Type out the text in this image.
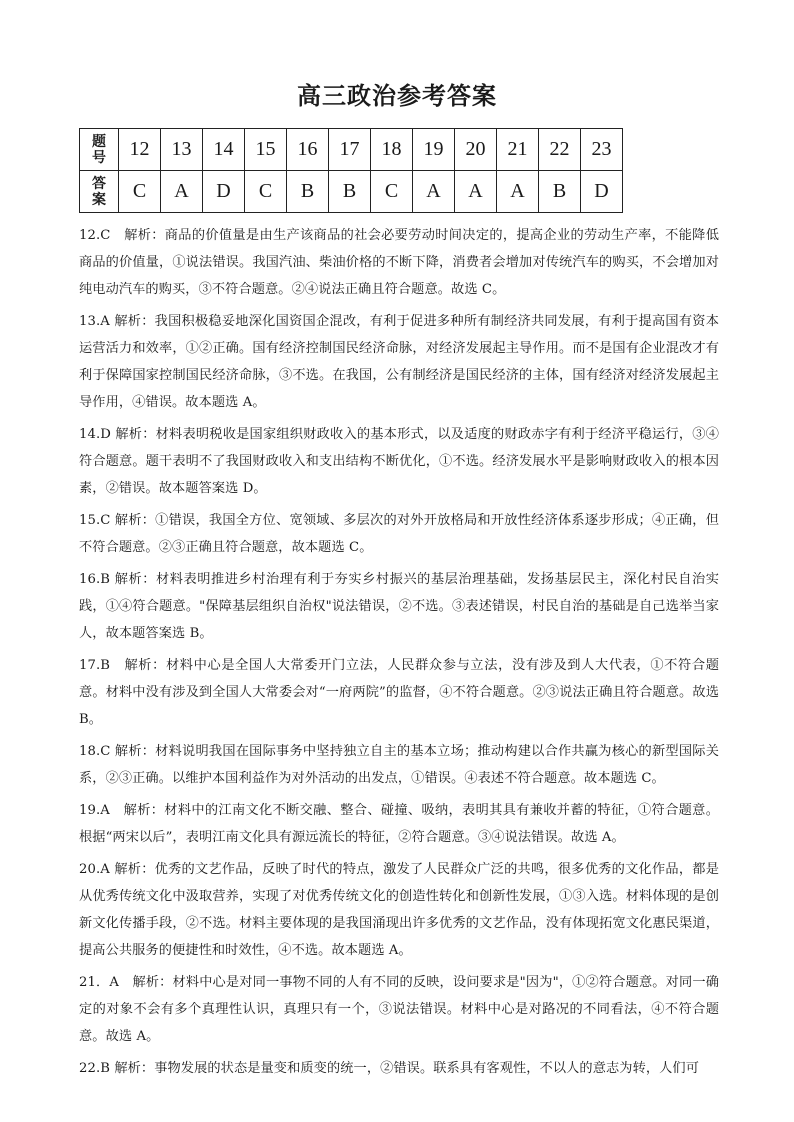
高三政治参考答案
题
号	12	13	14	15	16	17	18	19	20	21	22	23

答
案	C	A	D	C	B	B	C	A	A	A	B	D

12.C　解析：商品的价值量是由生产该商品的社会必要劳动时间决定的，提高企业的劳动生产率，不能降低商品的价值量，①说法错误。我国汽油、柴油价格的不断下降，消费者会增加对传统汽车的购买，不会增加对纯电动汽车的购买，③不符合题意。②④说法正确且符合题意。故选 C。

13.A 解析：我国积极稳妥地深化国资国企混改，有利于促进多种所有制经济共同发展，有利于提高国有资本运营活力和效率，①②正确。国有经济控制国民经济命脉，对经济发展起主导作用。而不是国有企业混改才有利于保障国家控制国民经济命脉，③不选。在我国，公有制经济是国民经济的主体，国有经济对经济发展起主导作用，④错误。故本题选 A。

14.D 解析：材料表明税收是国家组织财政收入的基本形式，以及适度的财政赤字有利于经济平稳运行，③④符合题意。题干表明不了我国财政收入和支出结构不断优化，①不选。经济发展水平是影响财政收入的根本因素，②错误。故本题答案选 D。

15.C 解析：①错误，我国全方位、宽领域、多层次的对外开放格局和开放性经济体系逐步形成；④正确，但不符合题意。②③正确且符合题意，故本题选 C。

16.B 解析：材料表明推进乡村治理有利于夯实乡村振兴的基层治理基础，发扬基层民主，深化村民自治实践，①④符合题意。"保障基层组织自治权"说法错误，②不选。③表述错误，村民自治的基础是自己选举当家人，故本题答案选 B。

17.B　解析：材料中心是全国人大常委开门立法，人民群众参与立法，没有涉及到人大代表，①不符合题意。材料中没有涉及到全国人大常委会对“一府两院”的监督，④不符合题意。②③说法正确且符合题意。故选 B。

18.C 解析：材料说明我国在国际事务中坚持独立自主的基本立场；推动构建以合作共赢为核心的新型国际关系，②③正确。以维护本国利益作为对外活动的出发点，①错误。④表述不符合题意。故本题选 C。

19.A　解析：材料中的江南文化不断交融、整合、碰撞、吸纳，表明其具有兼收并蓄的特征，①符合题意。根据“两宋以后”，表明江南文化具有源远流长的特征，②符合题意。③④说法错误。故选 A。

20.A 解析：优秀的文艺作品，反映了时代的特点，激发了人民群众广泛的共鸣，很多优秀的文化作品，都是从优秀传统文化中汲取营养，实现了对优秀传统文化的创造性转化和创新性发展，①③入选。材料体现的是创新文化传播手段，②不选。材料主要体现的是我国涌现出许多优秀的文艺作品，没有体现拓宽文化惠民渠道，提高公共服务的便捷性和时效性，④不选。故本题选 A。

21．A　解析：材料中心是对同一事物不同的人有不同的反映，设问要求是"因为"，①②符合题意。对同一确定的对象不会有多个真理性认识，真理只有一个，③说法错误。材料中心是对路况的不同看法，④不符合题意。故选 A。

22.B 解析：事物发展的状态是量变和质变的统一，②错误。联系具有客观性，不以人的意志为转，人们可
